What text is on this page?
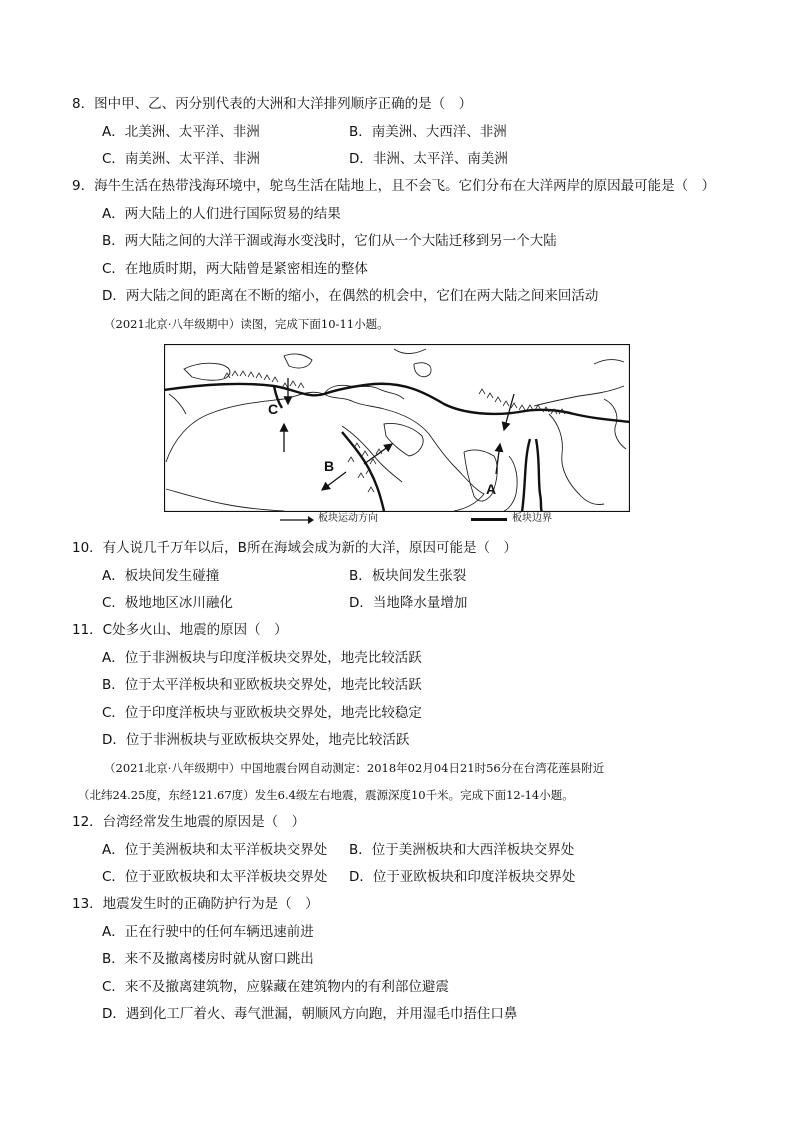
8．图中甲、乙、丙分别代表的大洲和大洋排列顺序正确的是（　）
A．北美洲、太平洋、非洲	B．南美洲、大西洋、非洲
C．南美洲、太平洋、非洲	D．非洲、太平洋、南美洲
9．海牛生活在热带浅海环境中，鸵鸟生活在陆地上，且不会飞。它们分布在大洋两岸的原因最可能是（　）
A．两大陆上的人们进行国际贸易的结果
B．两大陆之间的大洋干涸或海水变浅时，它们从一个大陆迁移到另一个大陆
C．在地质时期，两大陆曾是紧密相连的整体
D．两大陆之间的距离在不断的缩小，在偶然的机会中，它们在两大陆之间来回活动
（2021北京·八年级期中）读图，完成下面10-11小题。
C
B
A
板块运动方向	板块边界
10．有人说几千万年以后，B所在海域会成为新的大洋，原因可能是（　）
A．板块间发生碰撞	B．板块间发生张裂
C．极地地区冰川融化	D．当地降水量增加
11．C处多火山、地震的原因（　）
A．位于非洲板块与印度洋板块交界处，地壳比较活跃
B．位于太平洋板块和亚欧板块交界处，地壳比较活跃
C．位于印度洋板块与亚欧板块交界处，地壳比较稳定
D．位于非洲板块与亚欧板块交界处，地壳比较活跃
（2021北京·八年级期中）中国地震台网自动测定：2018年02月04日21时56分在台湾花莲县附近
（北纬24.25度，东经121.67度）发生6.4级左右地震，震源深度10千米。完成下面12-14小题。
12．台湾经常发生地震的原因是（　）
A．位于美洲板块和太平洋板块交界处 B．位于美洲板块和大西洋板块交界处
C．位于亚欧板块和太平洋板块交界处 D．位于亚欧板块和印度洋板块交界处
13．地震发生时的正确防护行为是（　）
A．正在行驶中的任何车辆迅速前进
B．来不及撤离楼房时就从窗口跳出
C．来不及撤离建筑物，应躲藏在建筑物内的有利部位避震
D．遇到化工厂着火、毒气泄漏，朝顺风方向跑，并用湿毛巾捂住口鼻
